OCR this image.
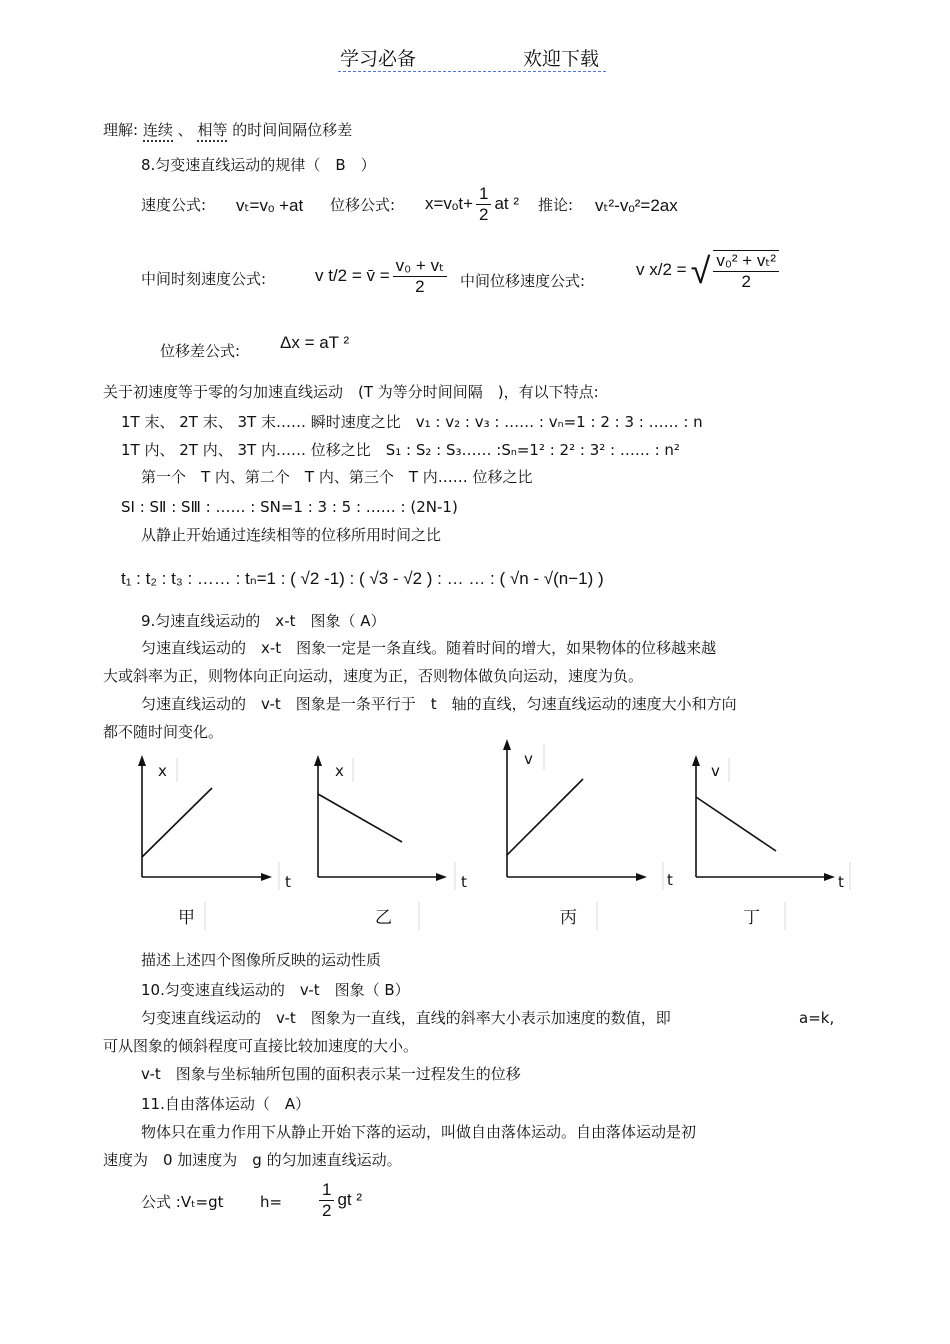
学习必备	欢迎下载
理解: 连续 、 相等 的时间间隔位移差
8.匀变速直线运动的规律（　B　）
速度公式: vₜ=vₒ +at 位移公式: $x=v_ot+ \frac{1}{2}$ at ² 推论: vₜ²-vₒ²=2ax
中间时刻速度公式:	v t/2 = v̄ = $\frac{\text{v₀ + vₜ}}{2}$ 中间位移速度公式:
v x/2 = √ $\frac{\text{v₀² + vₜ²}}{2}$
位移差公式: Δx = aT ²
关于初速度等于零的匀加速直线运动　(T 为等分时间间隔　)，有以下特点:
1T 末、 2T 末、 3T 末…… 瞬时速度之比　v₁ : v₂ : v₃ : …… : vₙ=1 : 2 : 3 : …… : n
1T 内、 2T 内、 3T 内…… 位移之比　S₁ : S₂ : S₃…… :Sₙ=1² : 2² : 3² : …… : n²
第一个　T 内、第二个　T 内、第三个　T 内…… 位移之比
SⅠ : SⅡ : SⅢ : …… : SN=1 : 3 : 5 : …… : (2N-1)
从静止开始通过连续相等的位移所用时间之比
t₁ : t₂ : t₃ : …… : tₙ=1 : ( √2 -1) : ( √3 - √2 ) : … … : ( √n - √(n−1) )
9.匀速直线运动的　x-t　图象（ A）
匀速直线运动的　x-t　图象一定是一条直线。随着时间的增大，如果物体的位移越来越
大或斜率为正，则物体向正向运动，速度为正，否则物体做负向运动，速度为负。
匀速直线运动的　v-t　图象是一条平行于　t　轴的直线，匀速直线运动的速度大小和方向
都不随时间变化。
x
t
甲
x
t
乙
v
t
丙
v
t
丁
描述上述四个图像所反映的运动性质
10.匀变速直线运动的　v-t　图象（ B）
匀变速直线运动的　v-t　图象为一直线，直线的斜率大小表示加速度的数值，即	a=k,
可从图象的倾斜程度可直接比较加速度的大小。
v-t　图象与坐标轴所包围的面积表示某一过程发生的位移
11.自由落体运动（　A）
物体只在重力作用下从静止开始下落的运动，叫做自由落体运动。自由落体运动是初
速度为　0 加速度为　g 的匀加速直线运动。
公式 :Vₜ=gt $h= \frac{1}{2}$ gt ²
